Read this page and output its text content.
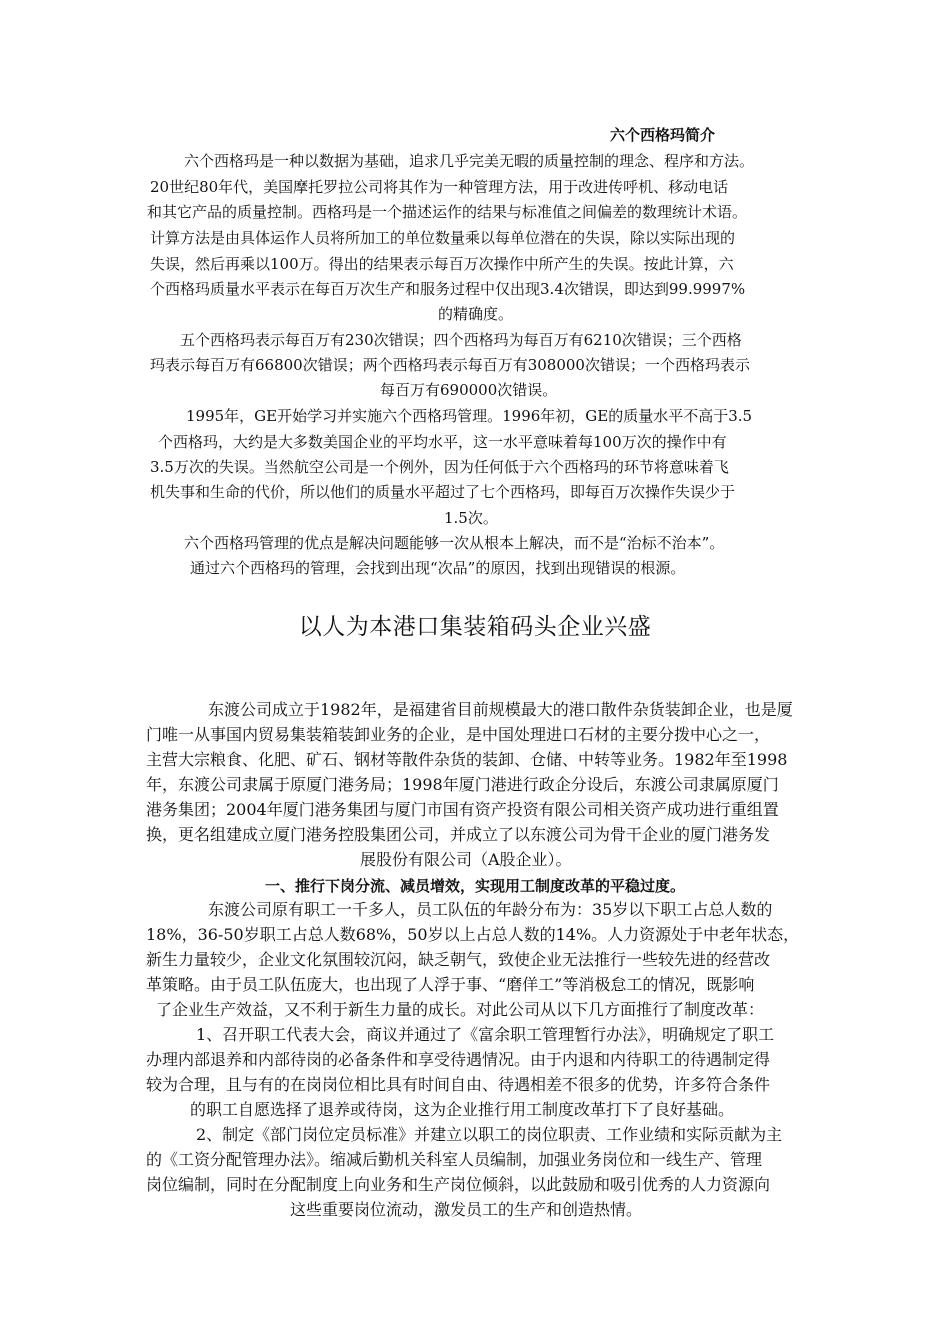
六个西格玛简介

六个西格玛是一种以数据为基础，追求几乎完美无暇的质量控制的理念、程序和方法。

20世纪80年代，美国摩托罗拉公司将其作为一种管理方法，用于改进传呼机、移动电话

和其它产品的质量控制。西格玛是一个描述运作的结果与标准值之间偏差的数理统计术语。

计算方法是由具体运作人员将所加工的单位数量乘以每单位潜在的失误，除以实际出现的

失误，然后再乘以100万。得出的结果表示每百万次操作中所产生的失误。按此计算，六

个西格玛质量水平表示在每百万次生产和服务过程中仅出现3.4次错误，即达到99.9997%

的精确度。

五个西格玛表示每百万有230次错误；四个西格玛为每百万有6210次错误；三个西格

玛表示每百万有66800次错误；两个西格玛表示每百万有308000次错误；一个西格玛表示

每百万有690000次错误。

1995年，GE开始学习并实施六个西格玛管理。1996年初，GE的质量水平不高于3.5

个西格玛，大约是大多数美国企业的平均水平，这一水平意味着每100万次的操作中有

3.5万次的失误。当然航空公司是一个例外，因为任何低于六个西格玛的环节将意味着飞

机失事和生命的代价，所以他们的质量水平超过了七个西格玛，即每百万次操作失误少于

1.5次。

六个西格玛管理的优点是解决问题能够一次从根本上解决，而不是“治标不治本”。

通过六个西格玛的管理，会找到出现“次品”的原因，找到出现错误的根源。

以人为本港口集装箱码头企业兴盛

东渡公司成立于1982年，是福建省目前规模最大的港口散件杂货装卸企业，也是厦

门唯一从事国内贸易集装箱装卸业务的企业，是中国处理进口石材的主要分拨中心之一，

主营大宗粮食、化肥、矿石、钢材等散件杂货的装卸、仓储、中转等业务。1982年至1998

年，东渡公司隶属于原厦门港务局；1998年厦门港进行政企分设后，东渡公司隶属原厦门

港务集团；2004年厦门港务集团与厦门市国有资产投资有限公司相关资产成功进行重组置

换，更名组建成立厦门港务控股集团公司，并成立了以东渡公司为骨干企业的厦门港务发

展股份有限公司（A股企业）。

一、推行下岗分流、减员增效，实现用工制度改革的平稳过度。

东渡公司原有职工一千多人，员工队伍的年龄分布为：35岁以下职工占总人数的

18%，36-50岁职工占总人数68%，50岁以上占总人数的14%。人力资源处于中老年状态，

新生力量较少，企业文化氛围较沉闷，缺乏朝气，致使企业无法推行一些较先进的经营改

革策略。由于员工队伍庞大，也出现了人浮于事、“磨佯工”等消极怠工的情况，既影响

了企业生产效益，又不利于新生力量的成长。对此公司从以下几方面推行了制度改革：

1、召开职工代表大会，商议并通过了《富余职工管理暂行办法》，明确规定了职工

办理内部退养和内部待岗的必备条件和享受待遇情况。由于内退和内待职工的待遇制定得

较为合理，且与有的在岗岗位相比具有时间自由、待遇相差不很多的优势，许多符合条件

的职工自愿选择了退养或待岗，这为企业推行用工制度改革打下了良好基础。

2、制定《部门岗位定员标准》并建立以职工的岗位职责、工作业绩和实际贡献为主

的《工资分配管理办法》。缩减后勤机关科室人员编制，加强业务岗位和一线生产、管理

岗位编制，同时在分配制度上向业务和生产岗位倾斜，以此鼓励和吸引优秀的人力资源向

这些重要岗位流动，激发员工的生产和创造热情。
